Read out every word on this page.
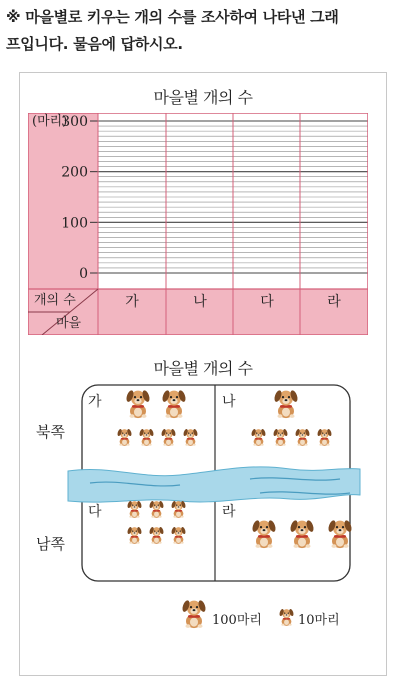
※ 마을별로 키우는 개의 수를 조사하여 나타낸 그래
프입니다. 물음에 답하시오.
마을별 개의 수
(마리)
0
100
200
300
개의 수
마을
가	나	다	라
마을별 개의 수
북쪽
남쪽
가	나
다	라
100마리	10마리
